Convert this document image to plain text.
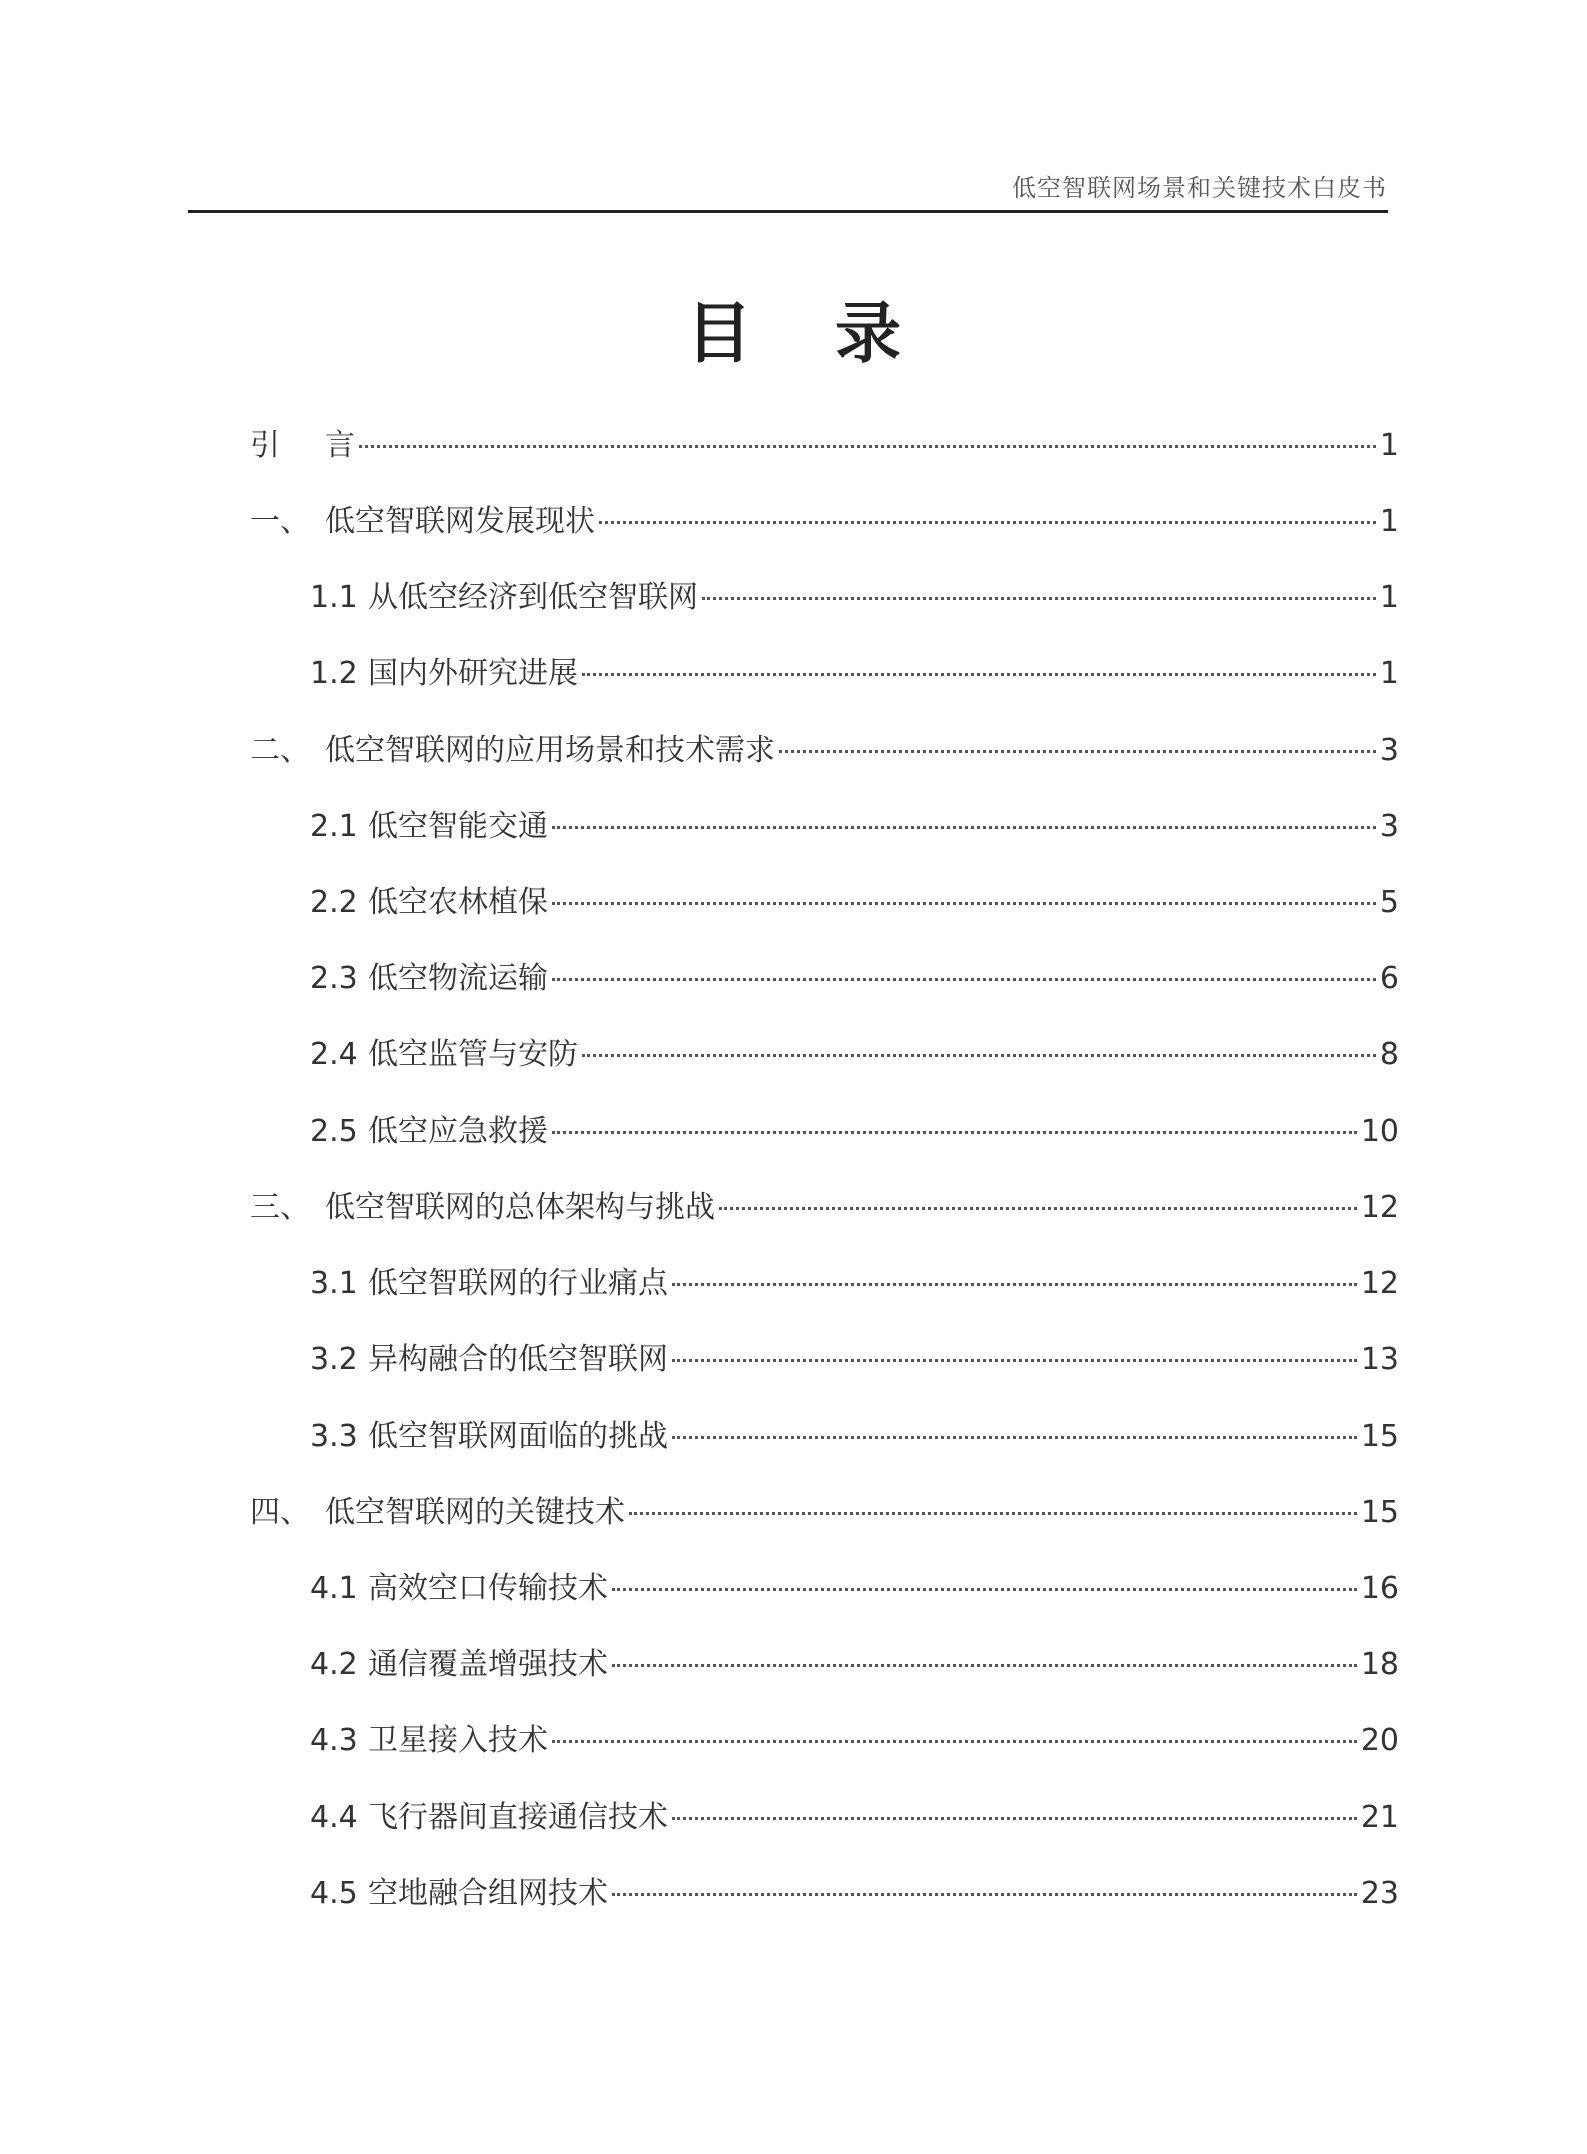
低空智联网场景和关键技术白皮书
目 录
引　 言	1
一、 低空智联网发展现状	1
1.1 从低空经济到低空智联网	1
1.2 国内外研究进展	1
二、 低空智联网的应用场景和技术需求	3
2.1 低空智能交通	3
2.2 低空农林植保	5
2.3 低空物流运输	6
2.4 低空监管与安防	8
2.5 低空应急救援	10
三、 低空智联网的总体架构与挑战	12
3.1 低空智联网的行业痛点	12
3.2 异构融合的低空智联网	13
3.3 低空智联网面临的挑战	15
四、 低空智联网的关键技术	15
4.1 高效空口传输技术	16
4.2 通信覆盖增强技术	18
4.3 卫星接入技术	20
4.4 飞行器间直接通信技术	21
4.5 空地融合组网技术	23
